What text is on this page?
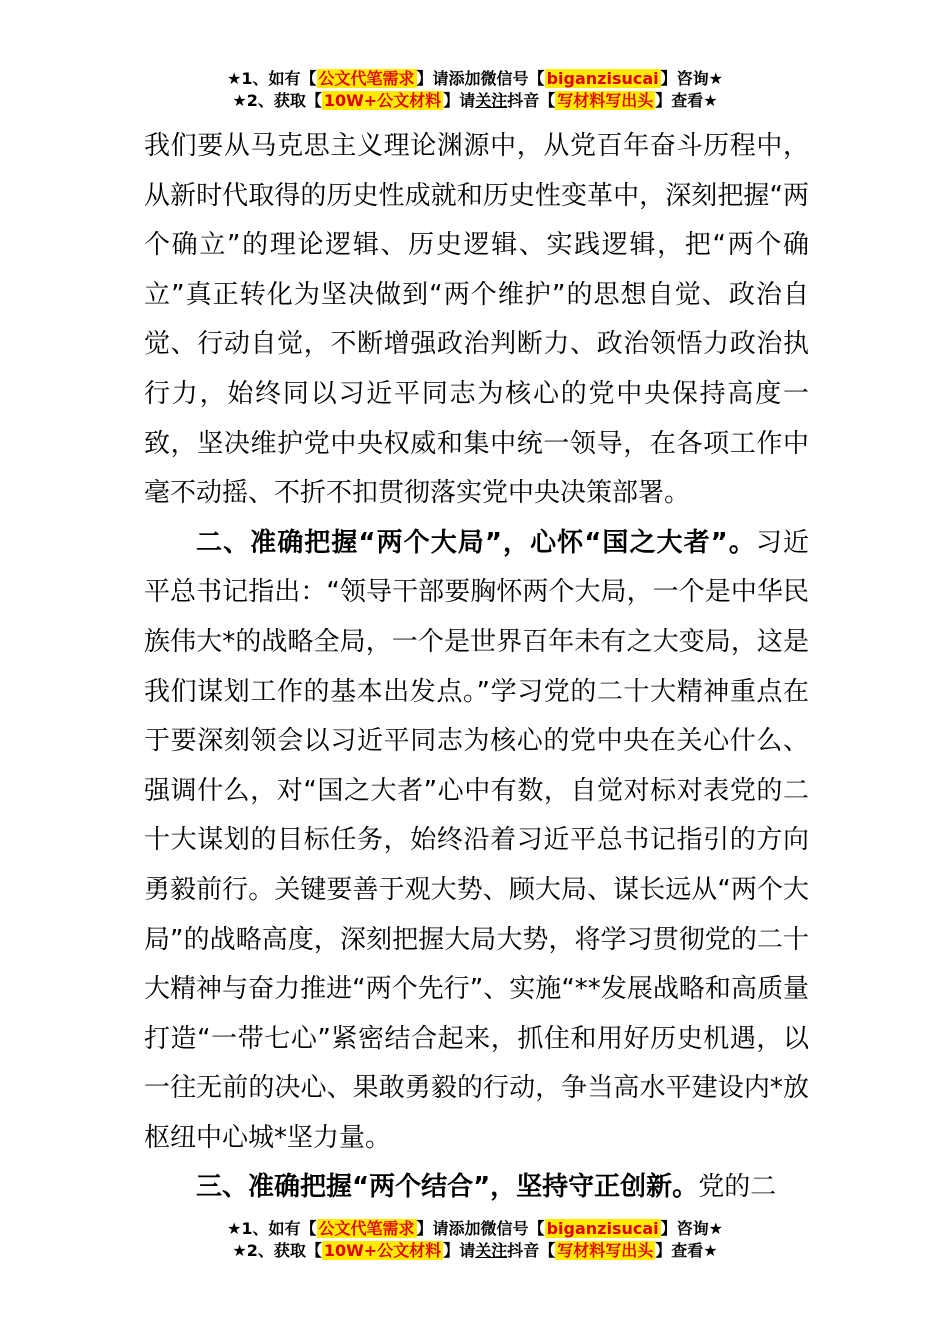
★1、如有【 公文代笔需求 】请添加微信号【 biganzisucai 】咨询★
★2、获取【 10W+公文材料 】请关注抖音【 写材料写出头 】查看★

我们要从马克思主义理论渊源中，从党百年奋斗历程中，从新时代取得的历史性成就和历史性变革中，深刻把握“两个确立”的理论逻辑、历史逻辑、实践逻辑，把“两个确立”真正转化为坚决做到“两个维护”的思想自觉、政治自觉、行动自觉，不断增强政治判断力、政治领悟力政治执行力，始终同以习近平同志为核心的党中央保持高度一致，坚决维护党中央权威和集中统一领导，在各项工作中毫不动摇、不折不扣贯彻落实党中央决策部署。

二、准确把握“两个大局”，心怀“国之大者”。习近平总书记指出：“领导干部要胸怀两个大局，一个是中华民族伟大*的战略全局，一个是世界百年未有之大变局，这是我们谋划工作的基本出发点。”学习党的二十大精神重点在于要深刻领会以习近平同志为核心的党中央在关心什么、强调什么，对“国之大者”心中有数，自觉对标对表党的二十大谋划的目标任务，始终沿着习近平总书记指引的方向勇毅前行。关键要善于观大势、顾大局、谋长远从“两个大局”的战略高度，深刻把握大局大势，将学习贯彻党的二十大精神与奋力推进“两个先行”、实施“**发展战略和高质量打造“一带七心”紧密结合起来，抓住和用好历史机遇，以一往无前的决心、果敢勇毅的行动，争当高水平建设内*放枢纽中心城*坚力量。

三、准确把握“两个结合”，坚持守正创新。党的二

★1、如有【 公文代笔需求 】请添加微信号【 biganzisucai 】咨询★
★2、获取【 10W+公文材料 】请关注抖音【 写材料写出头 】查看★
